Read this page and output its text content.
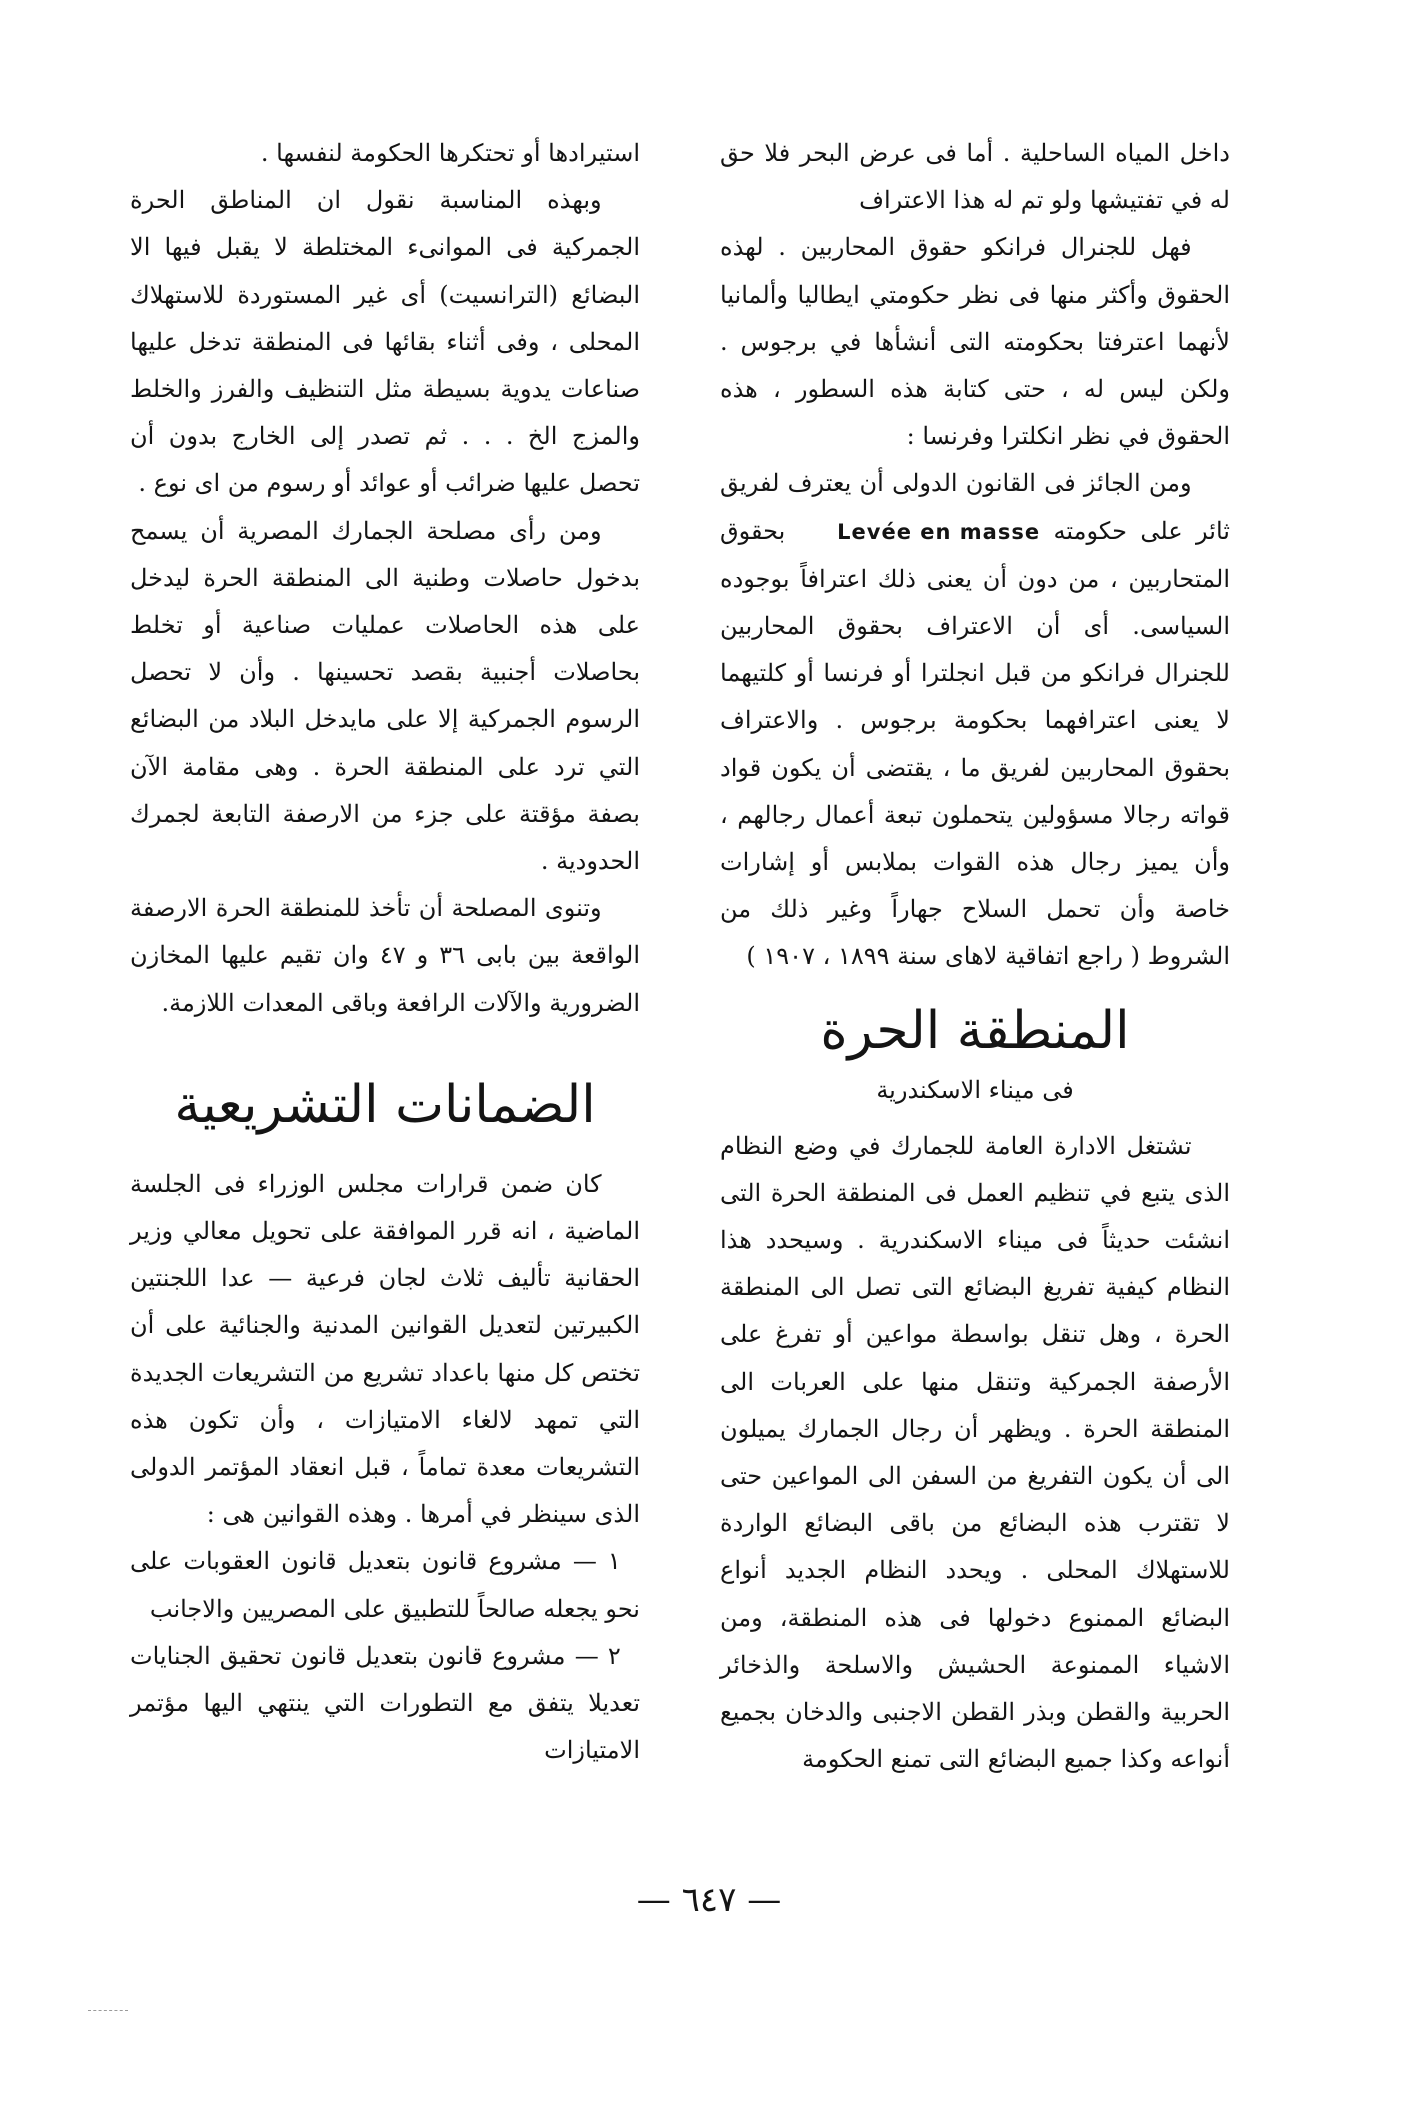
داخل المياه الساحلية . أما فى عرض البحر فلا حق له في تفتيشها ولو تم له هذا الاعتراف

فهل للجنرال فرانكو حقوق المحاربين . لهذه الحقوق وأكثر منها فى نظر حكومتي ايطاليا وألمانيا لأنهما اعترفتا بحكومته التى أنشأها في برجوس . ولكن ليس له ، حتى كتابة هذه السطور ، هذه الحقوق في نظر انكلترا وفرنسا :

ومن الجائز فى القانون الدولى أن يعترف لفريق ثائر على حكومته Levée en masse بحقوق المتحاربين ، من دون أن يعنى ذلك اعترافاً بوجوده السياسى. أى أن الاعتراف بحقوق المحاربين للجنرال فرانكو من قبل انجلترا أو فرنسا أو كلتيهما لا يعنى اعترافهما بحكومة برجوس . والاعتراف بحقوق المحاربين لفريق ما ، يقتضى أن يكون قواد قواته رجالا مسؤولين يتحملون تبعة أعمال رجالهم ، وأن يميز رجال هذه القوات بملابس أو إشارات خاصة وأن تحمل السلاح جهاراً وغير ذلك من الشروط ( راجع اتفاقية لاهاى سنة ١٨٩٩ ، ١٩٠٧ )

المنطقة الحرة
فى ميناء الاسكندرية

تشتغل الادارة العامة للجمارك في وضع النظام الذى يتبع في تنظيم العمل فى المنطقة الحرة التى انشئت حديثاً فى ميناء الاسكندرية . وسيحدد هذا النظام كيفية تفريغ البضائع التى تصل الى المنطقة الحرة ، وهل تنقل بواسطة مواعين أو تفرغ على الأرصفة الجمركية وتنقل منها على العربات الى المنطقة الحرة . ويظهر أن رجال الجمارك يميلون الى أن يكون التفريغ من السفن الى المواعين حتى لا تقترب هذه البضائع من باقى البضائع الواردة للاستهلاك المحلى . ويحدد النظام الجديد أنواع البضائع الممنوع دخولها فى هذه المنطقة، ومن الاشياء الممنوعة الحشيش والاسلحة والذخائر الحربية والقطن وبذر القطن الاجنبى والدخان بجميع أنواعه وكذا جميع البضائع التى تمنع الحكومة

استيرادها أو تحتكرها الحكومة لنفسها .

وبهذه المناسبة نقول ان المناطق الحرة الجمركية فى الموانىء المختلطة لا يقبل فيها الا البضائع (الترانسيت) أى غير المستوردة للاستهلاك المحلى ، وفى أثناء بقائها فى المنطقة تدخل عليها صناعات يدوية بسيطة مثل التنظيف والفرز والخلط والمزج الخ . . . ثم تصدر إلى الخارج بدون أن تحصل عليها ضرائب أو عوائد أو رسوم من اى نوع .

ومن رأى مصلحة الجمارك المصرية أن يسمح بدخول حاصلات وطنية الى المنطقة الحرة ليدخل على هذه الحاصلات عمليات صناعية أو تخلط بحاصلات أجنبية بقصد تحسينها . وأن لا تحصل الرسوم الجمركية إلا على مايدخل البلاد من البضائع التي ترد على المنطقة الحرة . وهى مقامة الآن بصفة مؤقتة على جزء من الارصفة التابعة لجمرك الحدودية .

وتنوى المصلحة أن تأخذ للمنطقة الحرة الارصفة الواقعة بين بابى ٣٦ و ٤٧ وان تقيم عليها المخازن الضرورية والآلات الرافعة وباقى المعدات اللازمة.

الضمانات التشريعية

كان ضمن قرارات مجلس الوزراء فى الجلسة الماضية ، انه قرر الموافقة على تحويل معالي وزير الحقانية تأليف ثلاث لجان فرعية — عدا اللجنتين الكبيرتين لتعديل القوانين المدنية والجنائية على أن تختص كل منها باعداد تشريع من التشريعات الجديدة التي تمهد لالغاء الامتيازات ، وأن تكون هذه التشريعات معدة تماماً ، قبل انعقاد المؤتمر الدولى الذى سينظر في أمرها . وهذه القوانين هى :

١ — مشروع قانون بتعديل قانون العقوبات على نحو يجعله صالحاً للتطبيق على المصريين والاجانب

٢ — مشروع قانون بتعديل قانون تحقيق الجنايات تعديلا يتفق مع التطورات التي ينتهي اليها مؤتمر الامتيازات

— ٦٤٧ —
